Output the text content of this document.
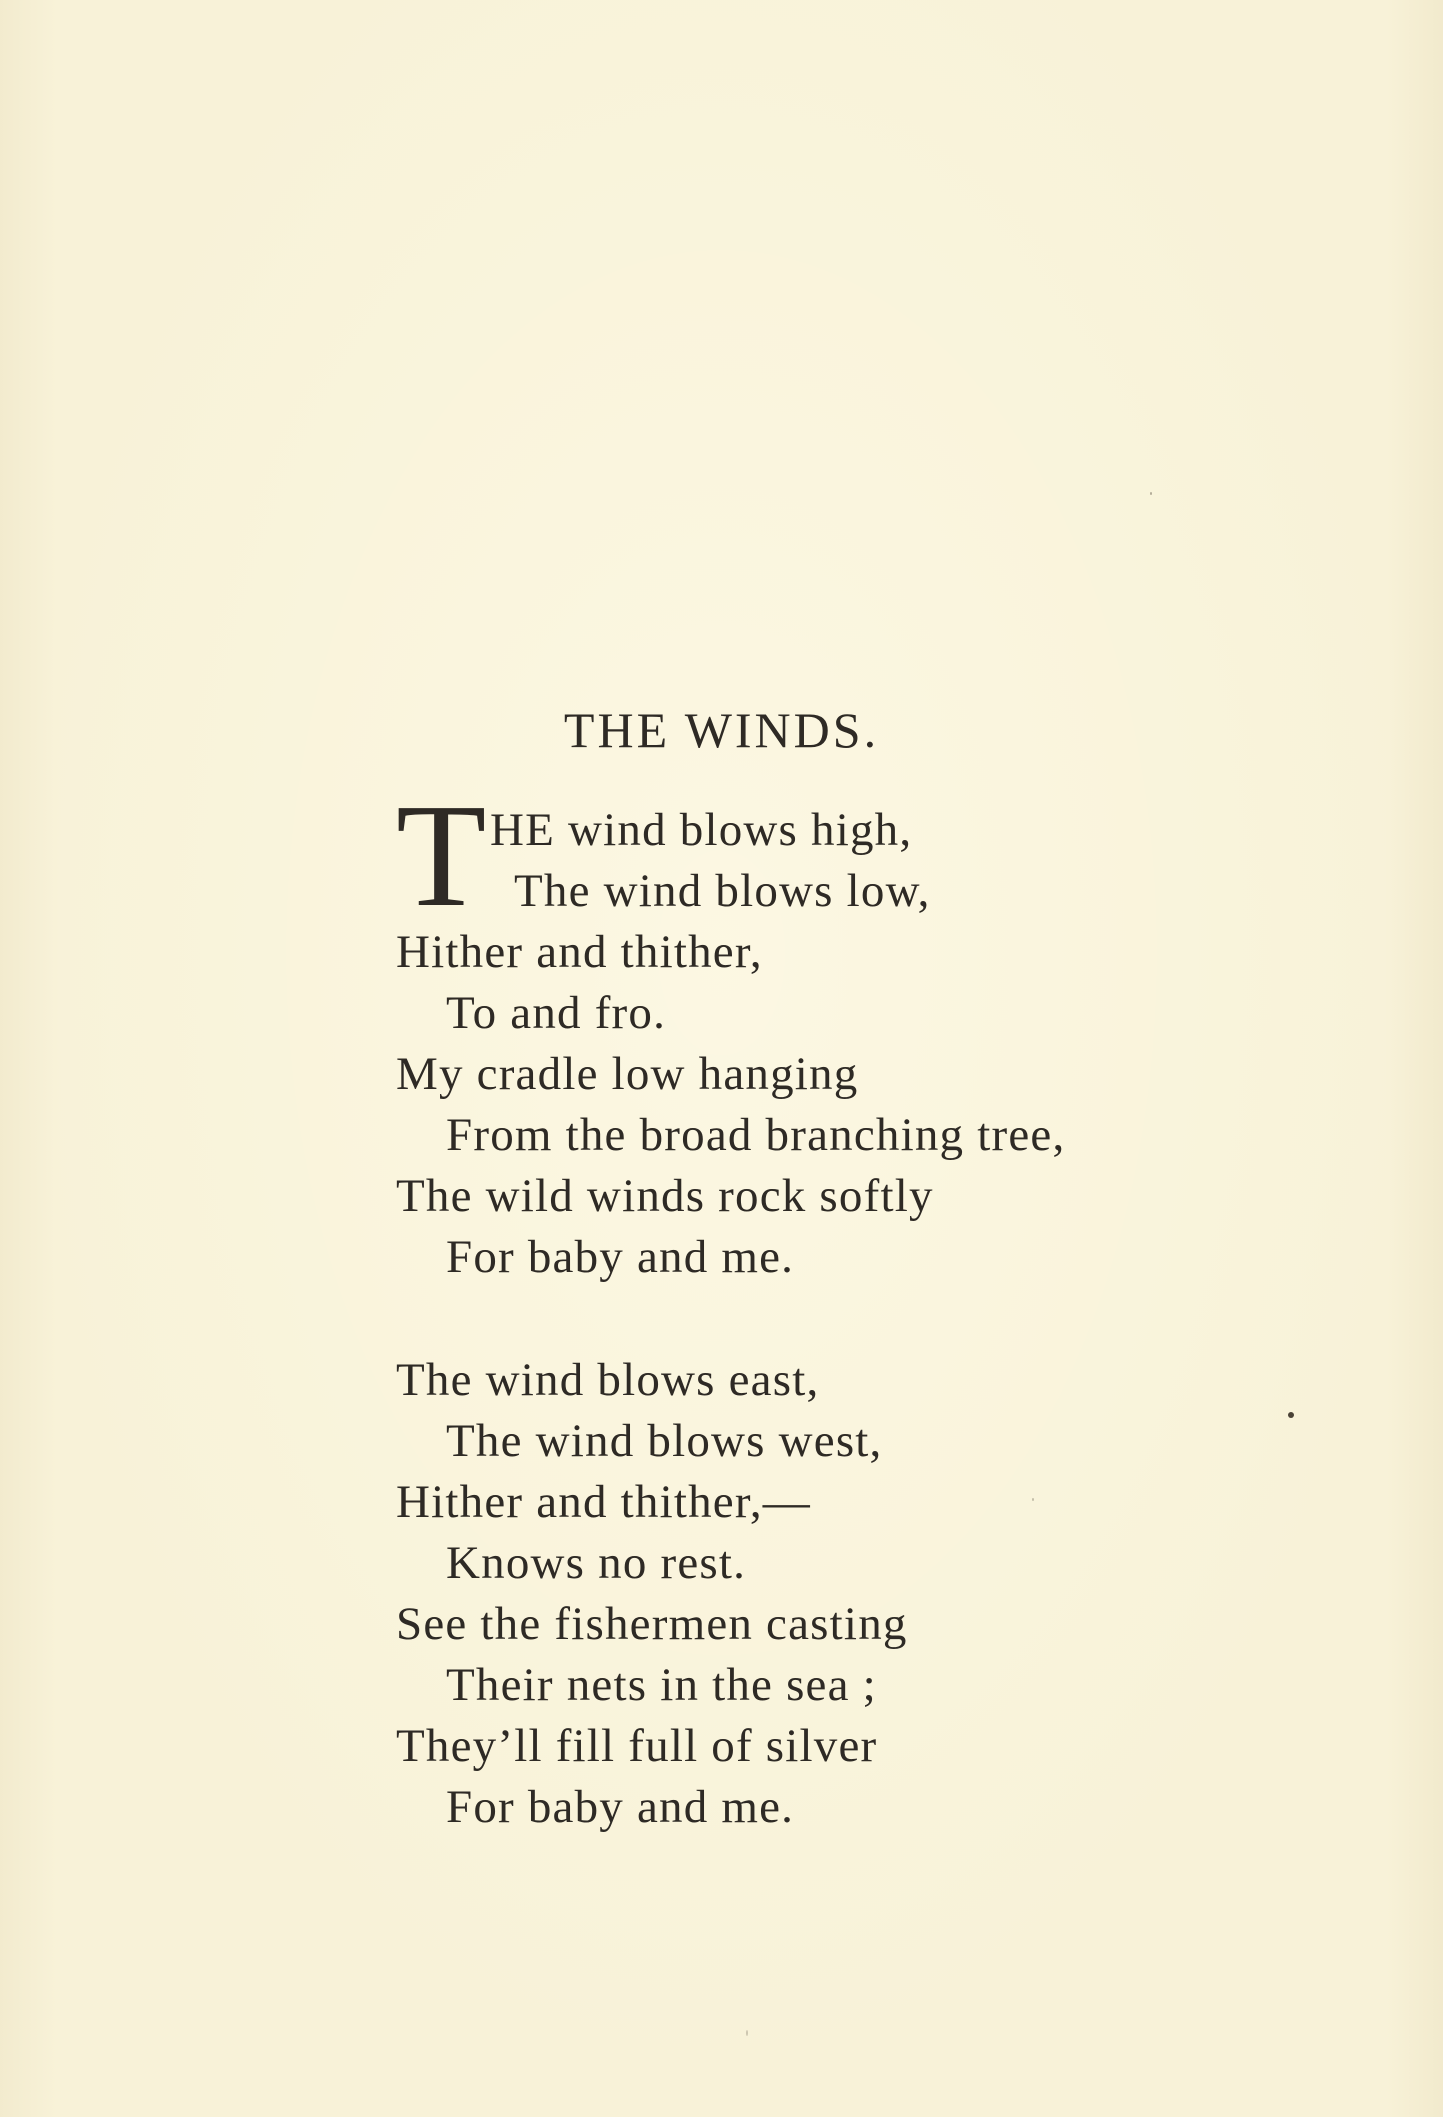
THE WINDS.
T HE wind blows high,
The wind blows low,
Hither and thither,
To and fro.
My cradle low hanging
From the broad branching tree,
The wild winds rock softly
For baby and me.
The wind blows east,
The wind blows west,
Hither and thither,—
Knows no rest.
See the fishermen casting
Their nets in the sea ;
They’ll fill full of silver
For baby and me.
